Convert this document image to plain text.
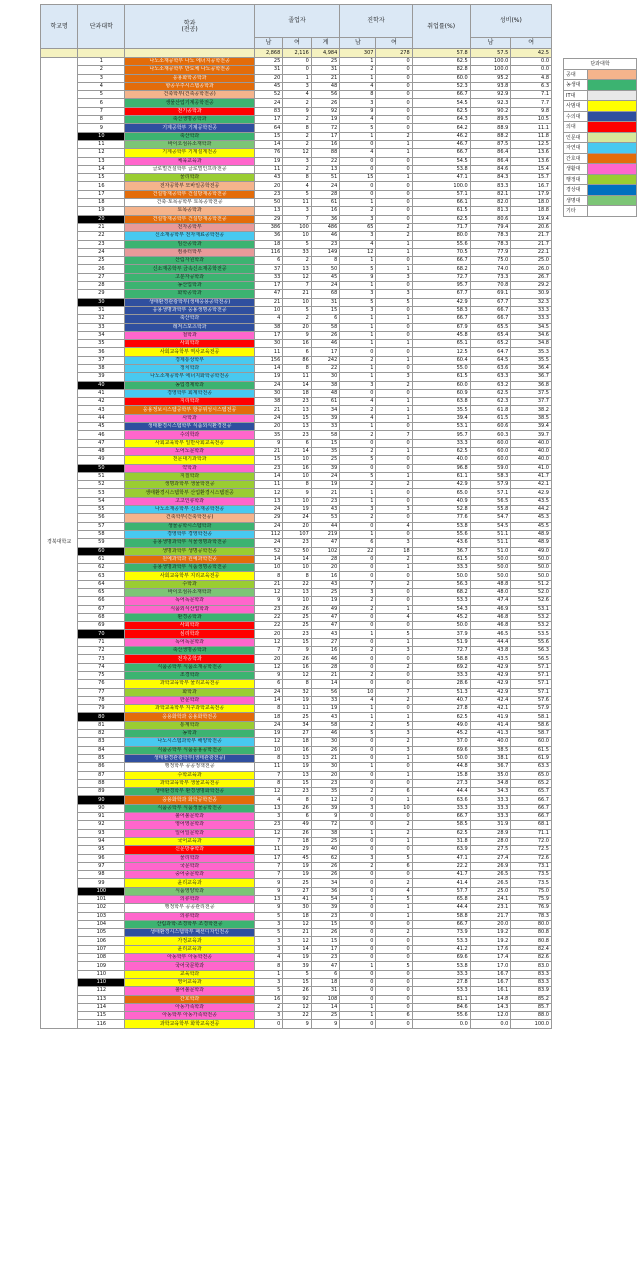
학교명	단과대학	학과
(전공)	졸업자			진학자		취업률(%)	성비(%)	
			남	여	계	남	여		남	여
			2,868	2,116	4,984	307	278	57.8	57.5	42.5
경북대학교	1	나노소재공학부 나노 에너지공학전공	25	0	25	1	0	62.5	100.0	0.0
	2	나노소재공학부 반도체 나노공학전공	31	0	31	2	0	82.8	100.0	0.0
	3	응용화학공학과	20	1	21	1	0	60.0	95.2	4.8
	4	항공우주시스템공학과	45	3	48	4	0	52.3	93.8	6.3
	5	건축학부(건축공학전공)	52	4	56	8	0	66.7	92.9	7.1
	6	생물산업기계공학전공	24	2	26	3	0	54.5	92.3	7.7
	7	전기공학과	83	9	92	9	0	62.5	90.2	9.8
	8	축산생명공학과	17	2	19	4	0	64.3	89.5	10.5
	9	기계공학부 기계공학전공	64	8	72	5	0	64.2	88.9	11.1
	10	축산학과	15	2	17	1	2	46.2	88.2	11.8
	11	바이오섬유소재학과	14	2	16	0	1	46.7	87.5	12.5
	12	기계공학부 기계설계전공	76	12	88	4	1	66.7	86.4	13.6
	13	체육교육과	19	3	22	0	0	54.5	86.4	13.6
	14	글로벌건설학부 글로벌인프라전공	11	2	13	0	0	53.8	84.6	15.4
	15	물리학과	43	8	51	15	1	47.1	84.3	15.7
	16	전자공학부 모바일공학전공	20	4	24	0	0	100.0	83.3	16.7
	17	건설방재공학부 건설방재공학전공	23	5	28	0	0	57.1	82.1	17.9
	18	건축·토목공학부 토목공학전공	50	11	61	1	0	66.1	82.0	18.0
	19	토목공학과	13	3	16	2	0	61.5	81.3	18.8
	20	건설방재공학부 건설방재공학전공	29	7	36	3	0	62.5	80.6	19.4
	21	전자공학부	386	100	486	65	2	71.7	79.4	20.6
	22	신소재공학부 전자재료공학전공	36	10	46	3	2	80.0	78.3	21.7
	23	임산공학과	18	5	23	4	1	55.6	78.3	21.7
	24	컴퓨터학부	116	33	149	12	1	70.5	77.9	22.1
	25	산림자원학과	6	2	8	1	0	66.7	75.0	25.0
	26	신소재공학부 금속신소재공학전공	37	13	50	5	1	68.2	74.0	26.0
	27	고분자공학과	33	12	45	9	3	72.7	73.3	26.7
	28	농산업학과	17	7	24	1	0	95.7	70.8	29.2
	29	화학공학과	47	21	68	3	3	67.7	69.1	30.9
	30	생태환경관광학부(생태응용공학전공)	21	10	31	5	5	42.9	67.7	32.3
	31	응용생명과학부 응용생명공학전공	10	5	15	3	0	58.3	66.7	33.3
	32	축산학과	4	2	6	1	1	66.7	66.7	33.3
	33	레저스포츠학과	38	20	58	1	0	67.9	65.5	34.5
	34	철학과	17	9	26	1	0	45.8	65.4	34.6
	35	사회학과	30	16	46	1	1	65.1	65.2	34.8
	36	사회교육학부 역사교육전공	11	6	17	0	0	12.5	64.7	35.3
	37	경제통상학부	156	86	242	2	1	60.4	64.5	35.5
	38	정치학과	14	8	22	1	0	55.0	63.6	36.4
	39	나노소재공학부 에너지화학공학전공	19	11	30	1	3	61.5	63.3	36.7
	40	농업경제학과	24	14	38	3	2	60.0	63.2	36.8
	41	경영학부 회계학전공	30	18	48	0	0	60.9	62.5	37.5
	42	지리학과	38	23	61	4	1	63.8	62.3	37.7
	43	응용정보시스템공학부 항공위성시스템전공	21	13	34	2	1	35.5	61.8	38.2
	44	사학과	24	15	39	4	1	39.4	61.5	38.5
	45	생태환경시스템학부 식품외식환경전공	20	13	33	1	0	53.1	60.6	39.4
	46	수의학과	35	23	58	2	7	95.7	60.3	39.7
	47	사회교육학부 일반사회교육전공	9	6	15	0	0	33.3	60.0	40.0
	48	노어노문학과	21	14	35	2	1	62.5	60.0	40.0
	49	천문대기과학과	15	10	25	5	0	40.0	60.0	40.0
	50	약학과	23	16	39	0	0	96.8	59.0	41.0
	51	지질학과	14	10	24	5	1	61.1	58.3	41.7
	52	생명과학부 생물학전공	11	8	19	2	2	42.9	57.9	42.1
	53	생태환경시스템학부 산업환경시스템전공	12	9	21	1	0	65.0	57.1	42.9
	54	고고인류학과	13	10	23	1	0	40.9	56.5	43.5
	55	나노소재공학부 신소재공학전공	24	19	43	3	3	52.8	55.8	44.2
	56	건축학부(건축학전공)	29	24	53	2	0	77.6	54.7	45.3
	57	생물공학시스템학과	24	20	44	0	4	53.8	54.5	45.5
	58	경영학부 경영학전공	112	107	219	1	0	55.6	51.1	48.9
	59	응용생명과학부 식물생명과학전공	24	23	47	6	3	43.6	51.1	48.9
	60	생명과학부 생명공학전공	52	50	102	22	18	36.7	51.0	49.0
	61	원예과학과 원예과학전공	14	14	28	0	2	61.5	50.0	50.0
	62	응용생명과학부 식품생명공학전공	10	10	20	0	1	33.3	50.0	50.0
	63	사회교육학부 지리교육전공	8	8	16	0	0	50.0	50.0	50.0
	64	수학과	21	22	43	7	2	56.3	48.8	51.2
	65	바이오섬유소재학과	12	13	25	3	0	68.2	48.0	52.0
	66	독어독문학과	9	10	19	2	0	53.3	47.4	52.6
	67	식품외식산업학과	23	26	49	2	1	54.3	46.9	53.1
	68	환경공학과	22	25	47	0	4	45.2	46.8	53.2
	69	사회학과	22	25	47	0	0	50.0	46.8	53.2
	70	심리학과	20	23	43	1	5	37.9	46.5	53.5
	71	독어독문학과	12	15	27	0	1	51.9	44.4	55.6
	72	축산생명공학과	7	9	16	2	3	72.7	43.8	56.3
	73	전자공학과	20	26	46	0	0	58.8	43.5	56.5
	74	식품공학부 식품소재공학전공	12	16	28	0	2	69.2	42.9	57.1
	75	조경학과	9	12	21	2	0	33.3	42.9	57.1
	76	과학교육학부 물리교육전공	6	8	14	0	0	28.6	42.9	57.1
	77	화학과	24	32	56	10	7	51.3	42.9	57.1
	78	한문학과	14	19	33	4	2	40.7	42.4	57.6
	79	과학교육학부 지구과학교육전공	8	11	19	1	0	27.8	42.1	57.9
	80	응용화학과 응용화학전공	18	25	43	1	1	62.5	41.9	58.1
	81	통계학과	24	34	58	2	5	49.0	41.4	58.6
	82	농학과	19	27	46	5	3	45.2	41.3	58.7
	83	나노시스템과학부 해양학전공	12	18	30	0	2	37.0	40.0	60.0
	84	식품공학부 식품응용공학전공	10	16	26	0	3	69.6	38.5	61.5
	85	생태환경관광학부(생태관광전공)	8	13	21	0	1	50.0	38.1	61.9
	86	행정학부 공공정책전공	11	19	30	1	0	44.8	36.7	63.3
	87	수학교육과	7	13	20	0	1	15.8	35.0	65.0
	88	과학교육학부 생물교육전공	8	15	23	0	0	27.3	34.8	65.2
	89	생태환경학부 환경생명화학전공	12	23	35	2	6	44.4	34.3	65.7
	90	응용화학과 화학공학전공	4	8	12	0	1	63.6	33.3	66.7
	90	식품공학부 식품생물공학전공	13	26	39	3	10	33.3	33.3	66.7
	91	불어불문학과	3	6	9	0	0	66.7	33.3	66.7
	92	영어영문학과	23	49	72	0	2	58.5	31.9	68.1
	93	일어일문학과	12	26	38	1	2	62.5	28.9	71.1
	94	국어교육과	7	18	25	0	1	31.8	28.0	72.0
	95	신문방송학과	11	29	40	0	0	63.9	27.5	72.5
	96	물리학과	17	45	62	3	5	47.1	27.4	72.6
	97	국문학과	7	19	26	2	6	22.2	26.9	73.1
	98	중어중문학과	7	19	26	0	0	41.7	26.5	73.5
	99	윤리교육과	9	25	34	0	2	41.4	26.5	73.5
	100	식품영양학과	9	27	36	0	4	57.7	25.0	75.0
	101	의류학과	13	41	54	1	5	65.8	24.1	75.9
	102	행정학부 공공관리전공	9	30	39	0	1	44.4	23.1	76.9
	103	의류학과	5	18	23	0	1	58.8	21.7	78.3
	104	산림과학·조경학부 조경학전공	3	12	15	0	0	66.7	20.0	80.0
	105	생태환경시스템학부 패션디자인전공	5	21	26	0	2	73.9	19.2	80.8
	106	가정교육과	3	12	15	0	0	53.3	19.2	80.8
	107	윤리교육과	3	14	17	0	0	41.2	17.6	82.4
	108	아동학부 아동학전공	4	19	23	0	0	69.6	17.4	82.6
	109	국어국문학과	8	39	47	1	5	53.8	17.0	83.0
	110	교육학과	1	5	6	0	0	33.3	16.7	83.3
	110	영어교육과	3	15	18	0	0	27.8	16.7	83.3
	112	불어불문학과	5	26	31	0	0	53.3	16.1	83.9
	113	간호학과	16	92	108	0	0	81.1	14.8	85.2
	114	아동가족학과	2	12	14	1	0	84.6	14.3	85.7
	115	아동학부 아동가족학전공	3	22	25	1	6	55.6	12.0	88.0
	116	과학교육학부 화학교육전공	0	9	9	0	0	0.0	0.0	100.0
단과대학	
공대	
농생대	
IT대	
사범대	
수의대	
의대	
인문대	
자연대	
간호대	
생활대	
행정대	
경상대	
생명대	
기타	
